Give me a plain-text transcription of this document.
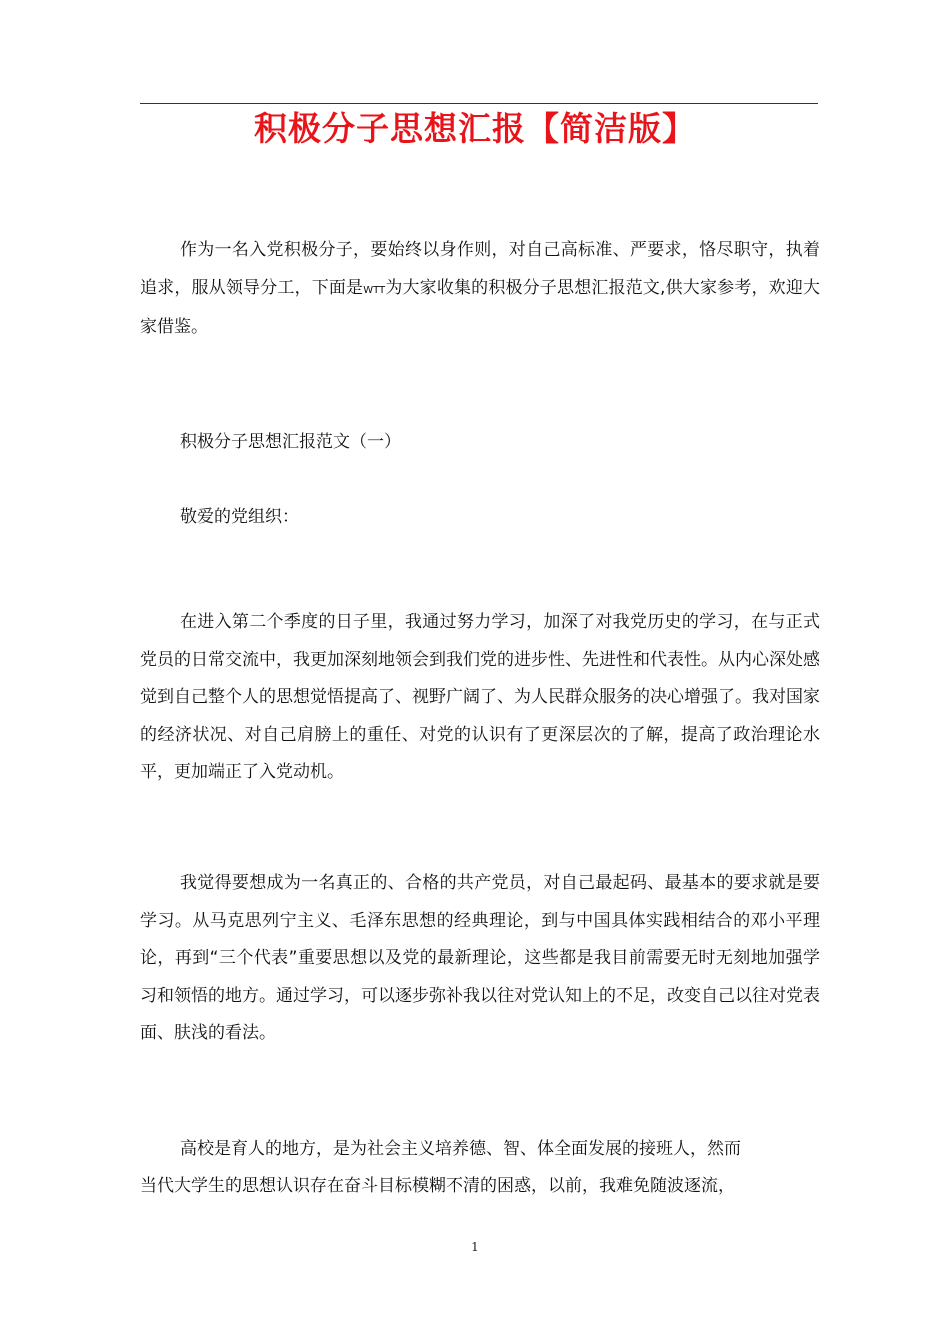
积极分子思想汇报【简洁版】

作为一名入党积极分子，要始终以身作则，对自己高标准、严要求，恪尽职守，执着追求，服从领导分工，下面是WTT为大家收集的积极分子思想汇报范文,供大家参考，欢迎大家借鉴。

积极分子思想汇报范文（一）

敬爱的党组织：

在进入第二个季度的日子里，我通过努力学习，加深了对我党历史的学习，在与正式党员的日常交流中，我更加深刻地领会到我们党的进步性、先进性和代表性。从内心深处感觉到自己整个人的思想觉悟提高了、视野广阔了、为人民群众服务的决心增强了。我对国家的经济状况、对自己肩膀上的重任、对党的认识有了更深层次的了解，提高了政治理论水平，更加端正了入党动机。

我觉得要想成为一名真正的、合格的共产党员，对自己最起码、最基本的要求就是要学习。从马克思列宁主义、毛泽东思想的经典理论，到与中国具体实践相结合的邓小平理论，再到“三个代表”重要思想以及党的最新理论，这些都是我目前需要无时无刻地加强学习和领悟的地方。通过学习，可以逐步弥补我以往对党认知上的不足，改变自己以往对党表面、肤浅的看法。

高校是育人的地方，是为社会主义培养德、智、体全面发展的接班人，然而

当代大学生的思想认识存在奋斗目标模糊不清的困惑，以前，我难免随波逐流，

1
